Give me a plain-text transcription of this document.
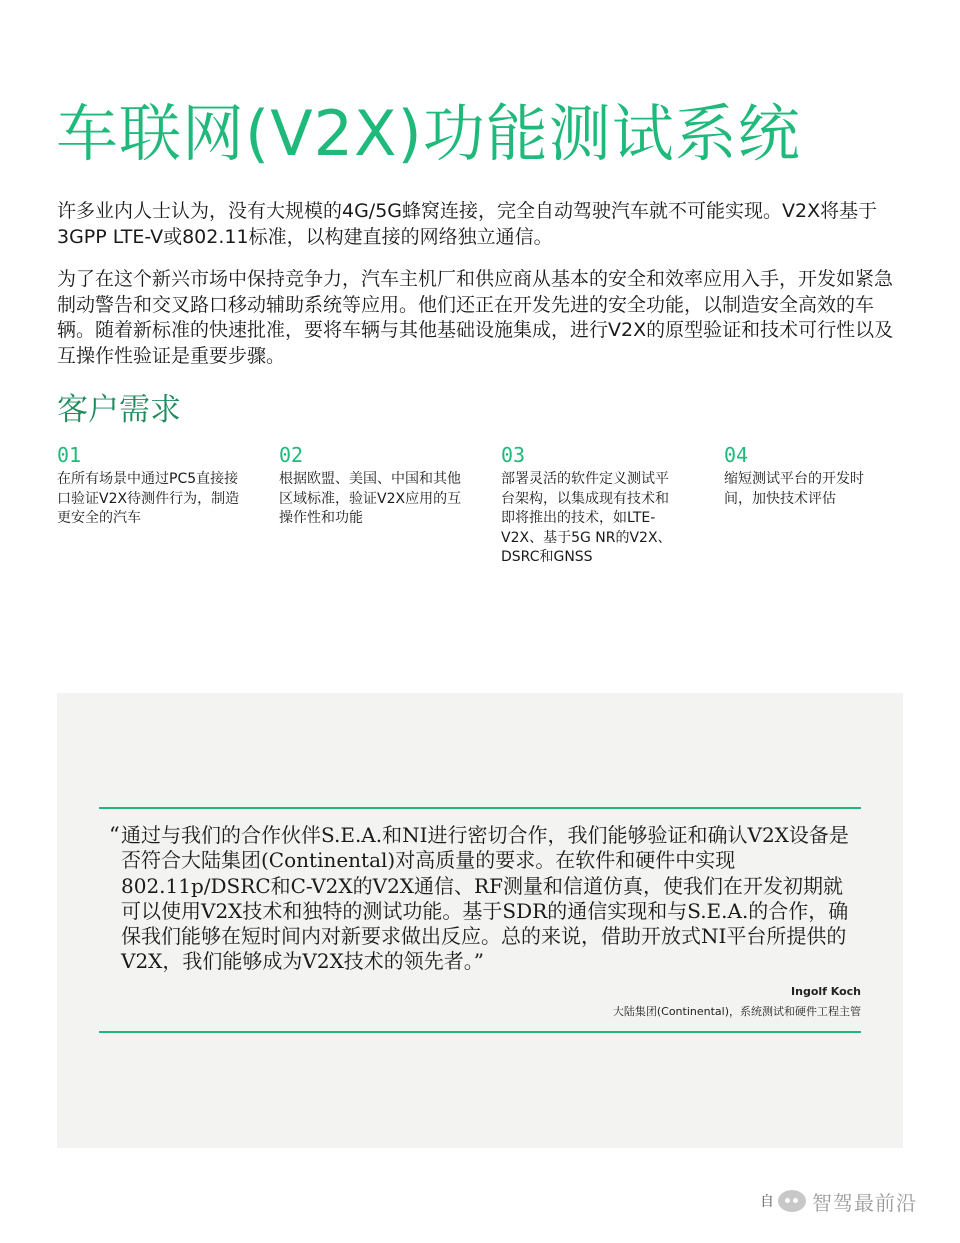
车联网(V2X)功能测试系统

许多业内人士认为，没有大规模的4G/5G蜂窝连接，完全自动驾驶汽车就不可能实现。V2X将基于3GPP LTE-V或802.11标准，以构建直接的网络独立通信。

为了在这个新兴市场中保持竞争力，汽车主机厂和供应商从基本的安全和效率应用入手，开发如紧急制动警告和交叉路口移动辅助系统等应用。他们还正在开发先进的安全功能，以制造安全高效的车辆。随着新标准的快速批准，要将车辆与其他基础设施集成，进行V2X的原型验证和技术可行性以及互操作性验证是重要步骤。

客户需求
01
在所有场景中通过PC5直接接口验证V2X待测件行为，制造更安全的汽车
02
根据欧盟、美国、中国和其他区域标准，验证V2X应用的互操作性和功能
03
部署灵活的软件定义测试平台架构，以集成现有技术和即将推出的技术，如LTE-V2X、基于5G NR的V2X、DSRC和GNSS
04
缩短测试平台的开发时间，加快技术评估
“ 通过与我们的合作伙伴S.E.A.和NI进行密切合作，我们能够验证和确认V2X设备是否符合大陆集团(Continental)对高质量的要求。在软件和硬件中实现802.11p/DSRC和C-V2X的V2X通信、RF测量和信道仿真，使我们在开发初期就可以使用V2X技术和独特的测试功能。基于SDR的通信实现和与S.E.A.的合作，确保我们能够在短时间内对新要求做出反应。总的来说，借助开放式NI平台所提供的V2X，我们能够成为V2X技术的领先者。”

Ingolf Koch
大陆集团(Continental)，系统测试和硬件工程主管
自 智驾最前沿
